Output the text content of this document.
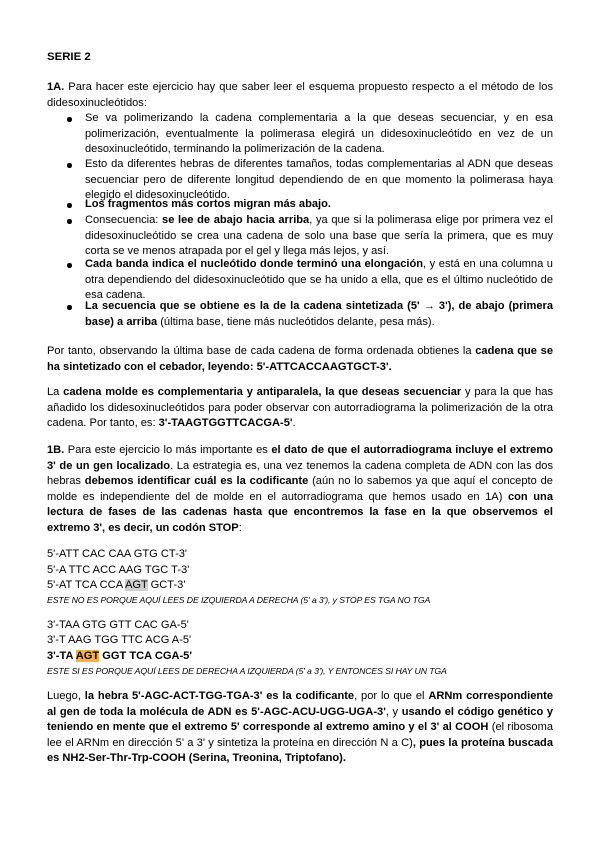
SERIE 2
1A. Para hacer este ejercicio hay que saber leer el esquema propuesto respecto a el método de los didesoxinucleótidos:
Se va polimerizando la cadena complementaria a la que deseas secuenciar, y en esa polimerización, eventualmente la polimerasa elegirá un didesoxinucleótido en vez de un desoxinucleótido, terminando la polimerización de la cadena.
Esto da diferentes hebras de diferentes tamaños, todas complementarias al ADN que deseas secuenciar pero de diferente longitud dependiendo de en que momento la polimerasa haya elegido el didesoxinucleótido.
Los fragmentos más cortos migran más abajo.
Consecuencia: se lee de abajo hacia arriba, ya que si la polimerasa elige por primera vez el didesoxinucleótido se crea una cadena de solo una base que sería la primera, que es muy corta se ve menos atrapada por el gel y llega más lejos, y así.
Cada banda indica el nucleótido donde terminó una elongación, y está en una columna u otra dependiendo del didesoxinucleótido que se ha unido a ella, que es el último nucleótido de esa cadena.
La secuencia que se obtiene es la de la cadena sintetizada (5' → 3'), de abajo (primera base) a arriba (última base, tiene más nucleótidos delante, pesa más).
Por tanto, observando la última base de cada cadena de forma ordenada obtienes la cadena que se ha sintetizado con el cebador, leyendo: 5'-ATTCACCAAGTGCT-3'.
La cadena molde es complementaria y antiparalela, la que deseas secuenciar y para la que has añadido los didesoxinucleótidos para poder observar con autorradiograma la polimerización de la otra cadena. Por tanto, es: 3'-TAAGTGGTTCACGA-5'.
1B. Para este ejercicio lo más importante es el dato de que el autorradiograma incluye el extremo 3' de un gen localizado. La estrategia es, una vez tenemos la cadena completa de ADN con las dos hebras debemos identificar cuál es la codificante (aún no lo sabemos ya que aquí el concepto de molde es independiente del de molde en el autorradiograma que hemos usado en 1A) con una lectura de fases de las cadenas hasta que encontremos la fase en la que observemos el extremo 3', es decir, un codón STOP:
5'-ATT CAC CAA GTG CT-3'
5'-A TTC ACC AAG TGC T-3'
5'-AT TCA CCA AGT GCT-3'
ESTE NO ES PORQUE AQUÍ LEES DE IZQUIERDA A DERECHA (5' a 3'), y STOP ES TGA NO TGA
3'-TAA GTG GTT CAC GA-5'
3'-T AAG TGG TTC ACG A-5'
3'-TA AGT GGT TCA CGA-5'
ESTE SI ES PORQUE AQUÍ LEES DE DERECHA A IZQUIERDA (5' a 3'), Y ENTONCES SI HAY UN TGA
Luego, la hebra 5'-AGC-ACT-TGG-TGA-3' es la codificante, por lo que el ARNm correspondiente al gen de toda la molécula de ADN es 5'-AGC-ACU-UGG-UGA-3', y usando el código genético y teniendo en mente que el extremo 5' corresponde al extremo amino y el 3' al COOH (el ribosoma lee el ARNm en dirección 5' a 3' y sintetiza la proteína en dirección N a C), pues la proteína buscada es NH2-Ser-Thr-Trp-COOH (Serina, Treonina, Triptofano).
